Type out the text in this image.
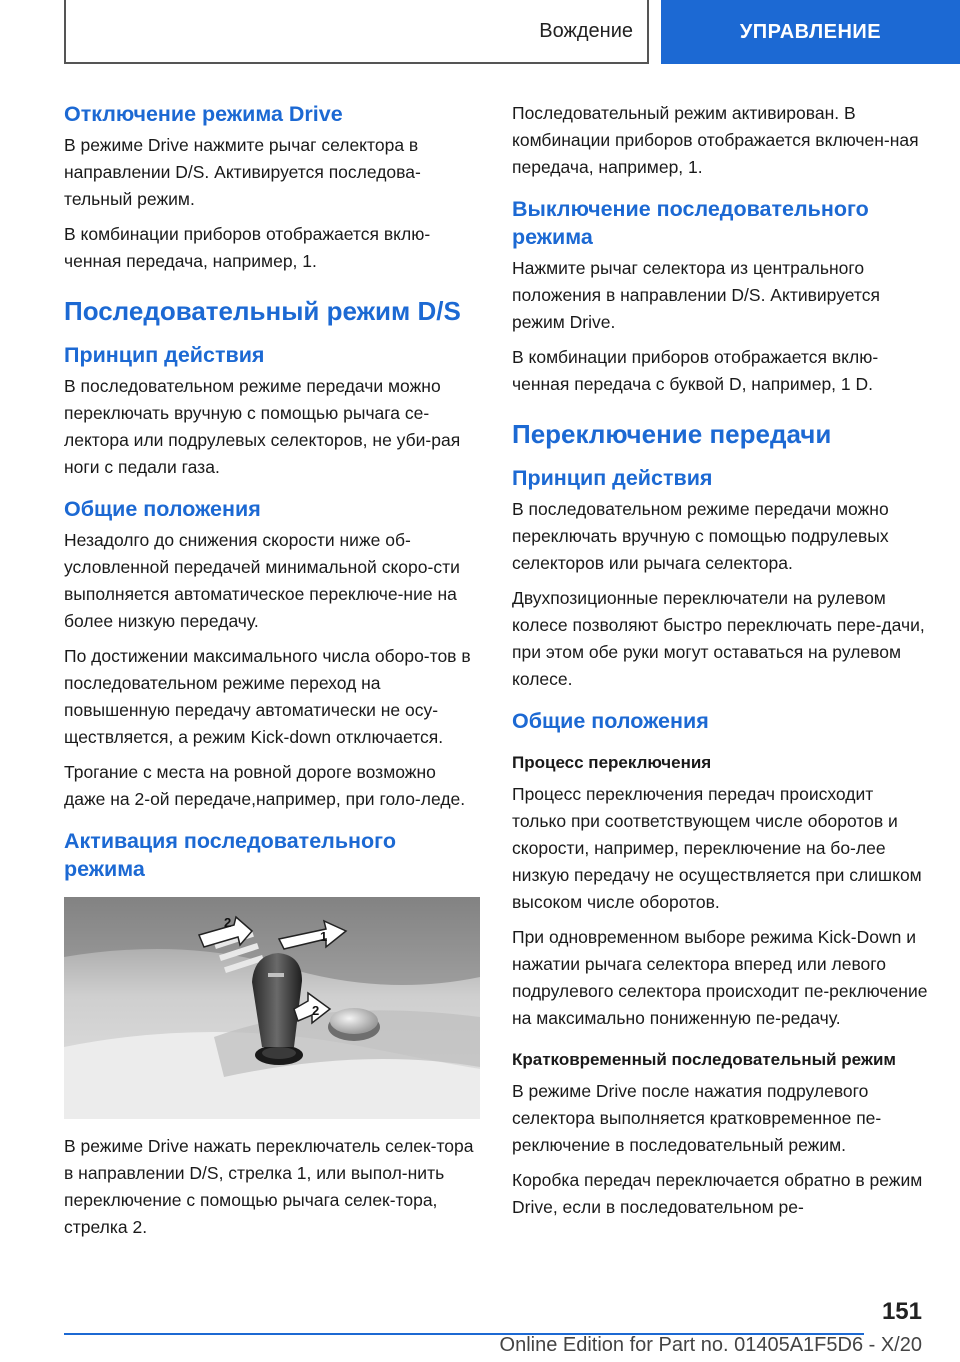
Вождение	УПРАВЛЕНИЕ
Отключение режима Drive

В режиме Drive нажмите рычаг селектора в направлении D/S. Активируется последова-тельный режим.

В комбинации приборов отображается вклю-ченная передача, например, 1.

Последовательный режим D/S
Принцип действия

В последовательном режиме передачи можно переключать вручную с помощью рычага се-лектора или подрулевых селекторов, не уби-рая ноги с педали газа.

Общие положения

Незадолго до снижения скорости ниже об-условленной передачей минимальной скоро-сти выполняется автоматическое переключе-ние на более низкую передачу.

По достижении максимального числа оборо-тов в последовательном режиме переход на повышенную передачу автоматически не осу-ществляется, а режим Kick-down отключается.

Трогание с места на ровной дороге возможно даже на 2-ой передаче,например, при голо-леде.

Активация последовательного режима
2
1
2

В режиме Drive нажать переключатель селек-тора в направлении D/S, стрелка 1, или выпол-нить переключение с помощью рычага селек-тора, стрелка 2.

Последовательный режим активирован. В комбинации приборов отображается включен-ная передача, например, 1.

Выключение последовательного режима

Нажмите рычаг селектора из центрального положения в направлении D/S. Активируется режим Drive.

В комбинации приборов отображается вклю-ченная передача с буквой D, например, 1 D.

Переключение передачи
Принцип действия

В последовательном режиме передачи можно переключать вручную с помощью подрулевых селекторов или рычага селектора.

Двухпозиционные переключатели на рулевом колесе позволяют быстро переключать пере-дачи, при этом обе руки могут оставаться на рулевом колесе.

Общие положения
Процесс переключения

Процесс переключения передач происходит только при соответствующем числе оборотов и скорости, например, переключение на бо-лее низкую передачу не осуществляется при слишком высоком числе оборотов.

При одновременном выборе режима Kick-Down и нажатии рычага селектора вперед или левого подрулевого селектора происходит пе-реключение на максимально пониженную пе-редачу.

Кратковременный последовательный режим

В режиме Drive после нажатия подрулевого селектора выполняется кратковременное пе-реключение в последовательный режим.

Коробка передач переключается обратно в режим Drive, если в последовательном ре-

151
Online Edition for Part no. 01405A1F5D6 - X/20
